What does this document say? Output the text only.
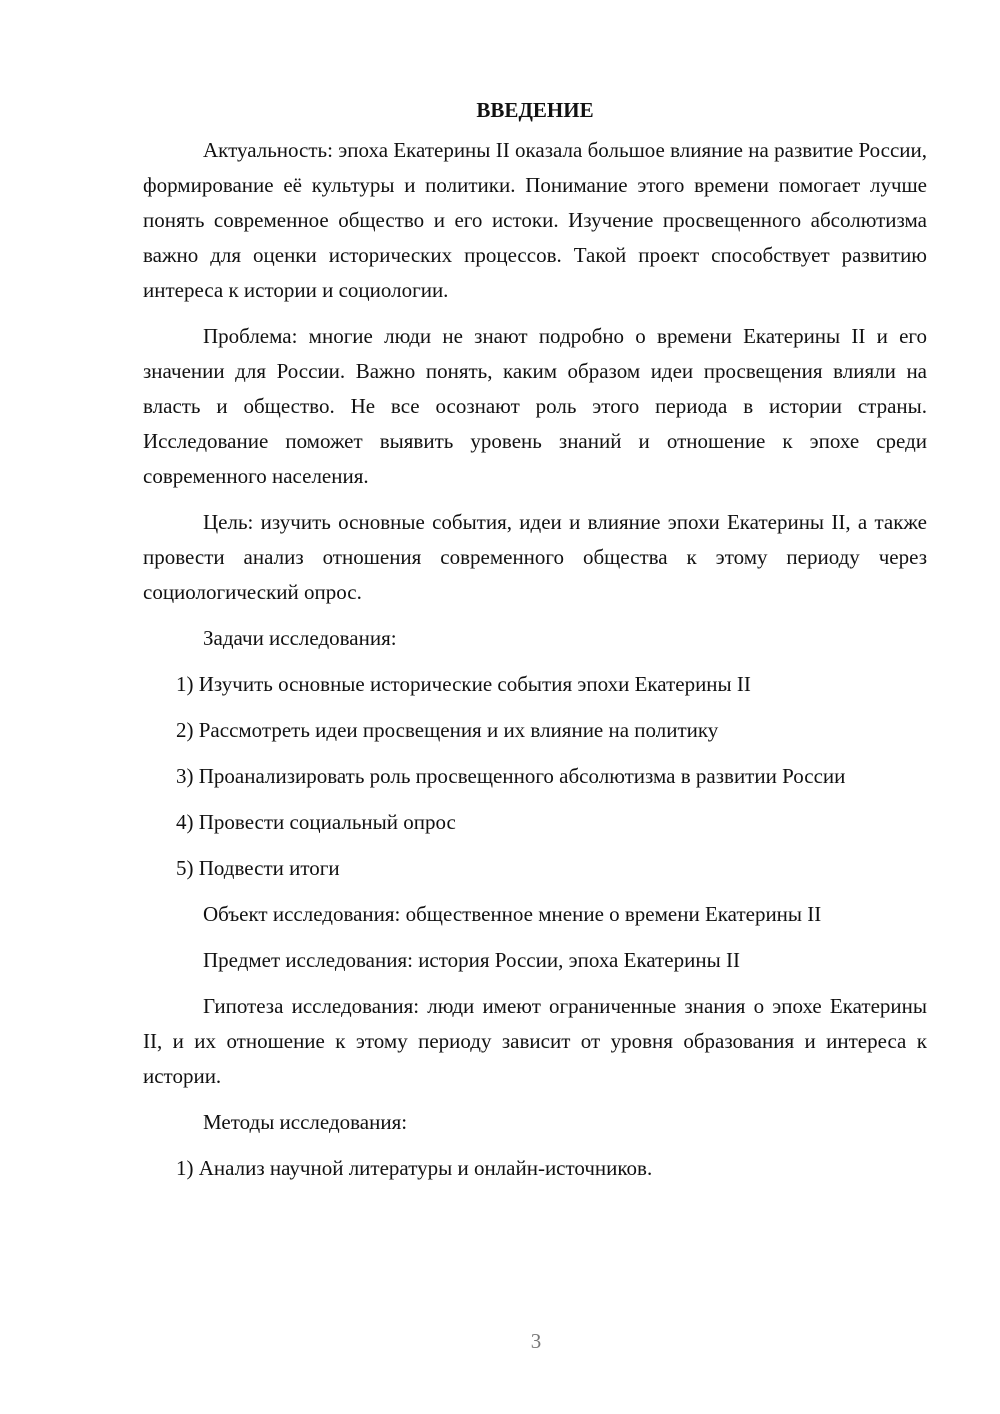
ВВЕДЕНИЕ

Актуальность: эпоха Екатерины II оказала большое влияние на развитие России, формирование её культуры и политики. Понимание этого времени помогает лучше понять современное общество и его истоки. Изучение просвещенного абсолютизма важно для оценки исторических процессов. Такой проект способствует развитию интереса к истории и социологии.

Проблема: многие люди не знают подробно о времени Екатерины II и его значении для России. Важно понять, каким образом идеи просвещения влияли на власть и общество. Не все осознают роль этого периода в истории страны. Исследование поможет выявить уровень знаний и отношение к эпохе среди современного населения.

Цель: изучить основные события, идеи и влияние эпохи Екатерины II, а также провести анализ отношения современного общества к этому периоду через социологический опрос.

Задачи исследования:

1) Изучить основные исторические события эпохи Екатерины II

2) Рассмотреть идеи просвещения и их влияние на политику

3) Проанализировать роль просвещенного абсолютизма в развитии России

4) Провести социальный опрос

5) Подвести итоги

Объект исследования: общественное мнение о времени Екатерины II

Предмет исследования: история России, эпоха Екатерины II

Гипотеза исследования: люди имеют ограниченные знания о эпохе Екатерины II, и их отношение к этому периоду зависит от уровня образования и интереса к истории.

Методы исследования:

1) Анализ научной литературы и онлайн-источников.

3
